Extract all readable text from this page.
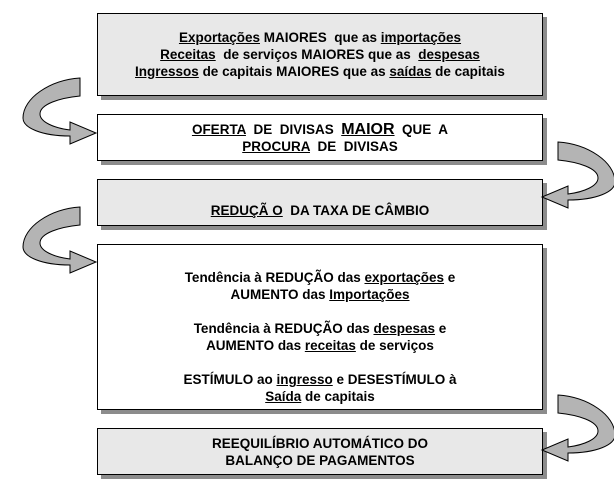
Exportações MAIORES  que as importações
Receitas  de serviços MAIORES que as  despesas
Ingressos de capitais MAIORES que as saídas de capitais
OFERTA  DE  DIVISAS  MAIOR  QUE  A
PROCURA  DE  DIVISAS
REDUÇÃ O  DA TAXA DE CÂMBIO
Tendência à REDUÇÃO das exportações e
AUMENTO das Importações
Tendência à REDUÇÃO das despesas e
AUMENTO das receitas de serviços
ESTÍMULO ao ingresso e DESESTÍMULO à
Saída de capitais
REEQUILÍBRIO AUTOMÁTICO DO
BALANÇO DE PAGAMENTOS
